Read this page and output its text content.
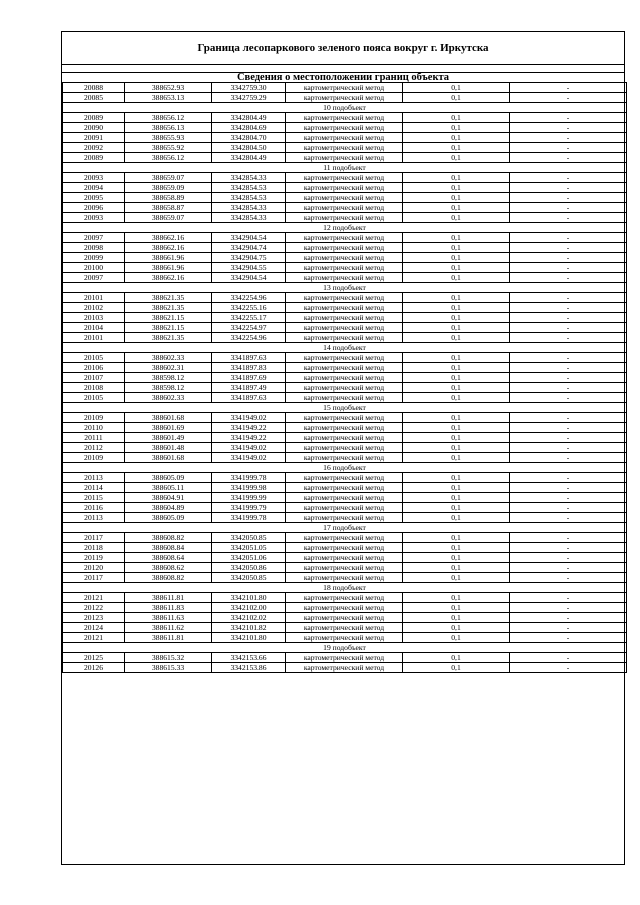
Граница лесопаркового зеленого пояса вокруг г. Иркутска
Сведения о местоположении границ объекта
20088	388652.93	3342759.30	картометрический метод	0,1	-
20085	388653.13	3342759.29	картометрический метод	0,1	-
10 подобъект					
20089	388656.12	3342804.49	картометрический метод	0,1	-
20090	388656.13	3342804.69	картометрический метод	0,1	-
20091	388655.93	3342804.70	картометрический метод	0,1	-
20092	388655.92	3342804.50	картометрический метод	0,1	-
20089	388656.12	3342804.49	картометрический метод	0,1	-
11 подобъект					
20093	388659.07	3342854.33	картометрический метод	0,1	-
20094	388659.09	3342854.53	картометрический метод	0,1	-
20095	388658.89	3342854.53	картометрический метод	0,1	-
20096	388658.87	3342854.33	картометрический метод	0,1	-
20093	388659.07	3342854.33	картометрический метод	0,1	-
12 подобъект					
20097	388662.16	3342904.54	картометрический метод	0,1	-
20098	388662.16	3342904.74	картометрический метод	0,1	-
20099	388661.96	3342904.75	картометрический метод	0,1	-
20100	388661.96	3342904.55	картометрический метод	0,1	-
20097	388662.16	3342904.54	картометрический метод	0,1	-
13 подобъект					
20101	388621.35	3342254.96	картометрический метод	0,1	-
20102	388621.35	3342255.16	картометрический метод	0,1	-
20103	388621.15	3342255.17	картометрический метод	0,1	-
20104	388621.15	3342254.97	картометрический метод	0,1	-
20101	388621.35	3342254.96	картометрический метод	0,1	-
14 подобъект					
20105	388602.33	3341897.63	картометрический метод	0,1	-
20106	388602.31	3341897.83	картометрический метод	0,1	-
20107	388598.12	3341897.69	картометрический метод	0,1	-
20108	388598.12	3341897.49	картометрический метод	0,1	-
20105	388602.33	3341897.63	картометрический метод	0,1	-
15 подобъект					
20109	388601.68	3341949.02	картометрический метод	0,1	-
20110	388601.69	3341949.22	картометрический метод	0,1	-
20111	388601.49	3341949.22	картометрический метод	0,1	-
20112	388601.48	3341949.02	картометрический метод	0,1	-
20109	388601.68	3341949.02	картометрический метод	0,1	-
16 подобъект					
20113	388605.09	3341999.78	картометрический метод	0,1	-
20114	388605.11	3341999.98	картометрический метод	0,1	-
20115	388604.91	3341999.99	картометрический метод	0,1	-
20116	388604.89	3341999.79	картометрический метод	0,1	-
20113	388605.09	3341999.78	картометрический метод	0,1	-
17 подобъект					
20117	388608.82	3342050.85	картометрический метод	0,1	-
20118	388608.84	3342051.05	картометрический метод	0,1	-
20119	388608.64	3342051.06	картометрический метод	0,1	-
20120	388608.62	3342050.86	картометрический метод	0,1	-
20117	388608.82	3342050.85	картометрический метод	0,1	-
18 подобъект					
20121	388611.81	3342101.80	картометрический метод	0,1	-
20122	388611.83	3342102.00	картометрический метод	0,1	-
20123	388611.63	3342102.02	картометрический метод	0,1	-
20124	388611.62	3342101.82	картометрический метод	0,1	-
20121	388611.81	3342101.80	картометрический метод	0,1	-
19 подобъект					
20125	388615.32	3342153.66	картометрический метод	0,1	-
20126	388615.33	3342153.86	картометрический метод	0,1	-
